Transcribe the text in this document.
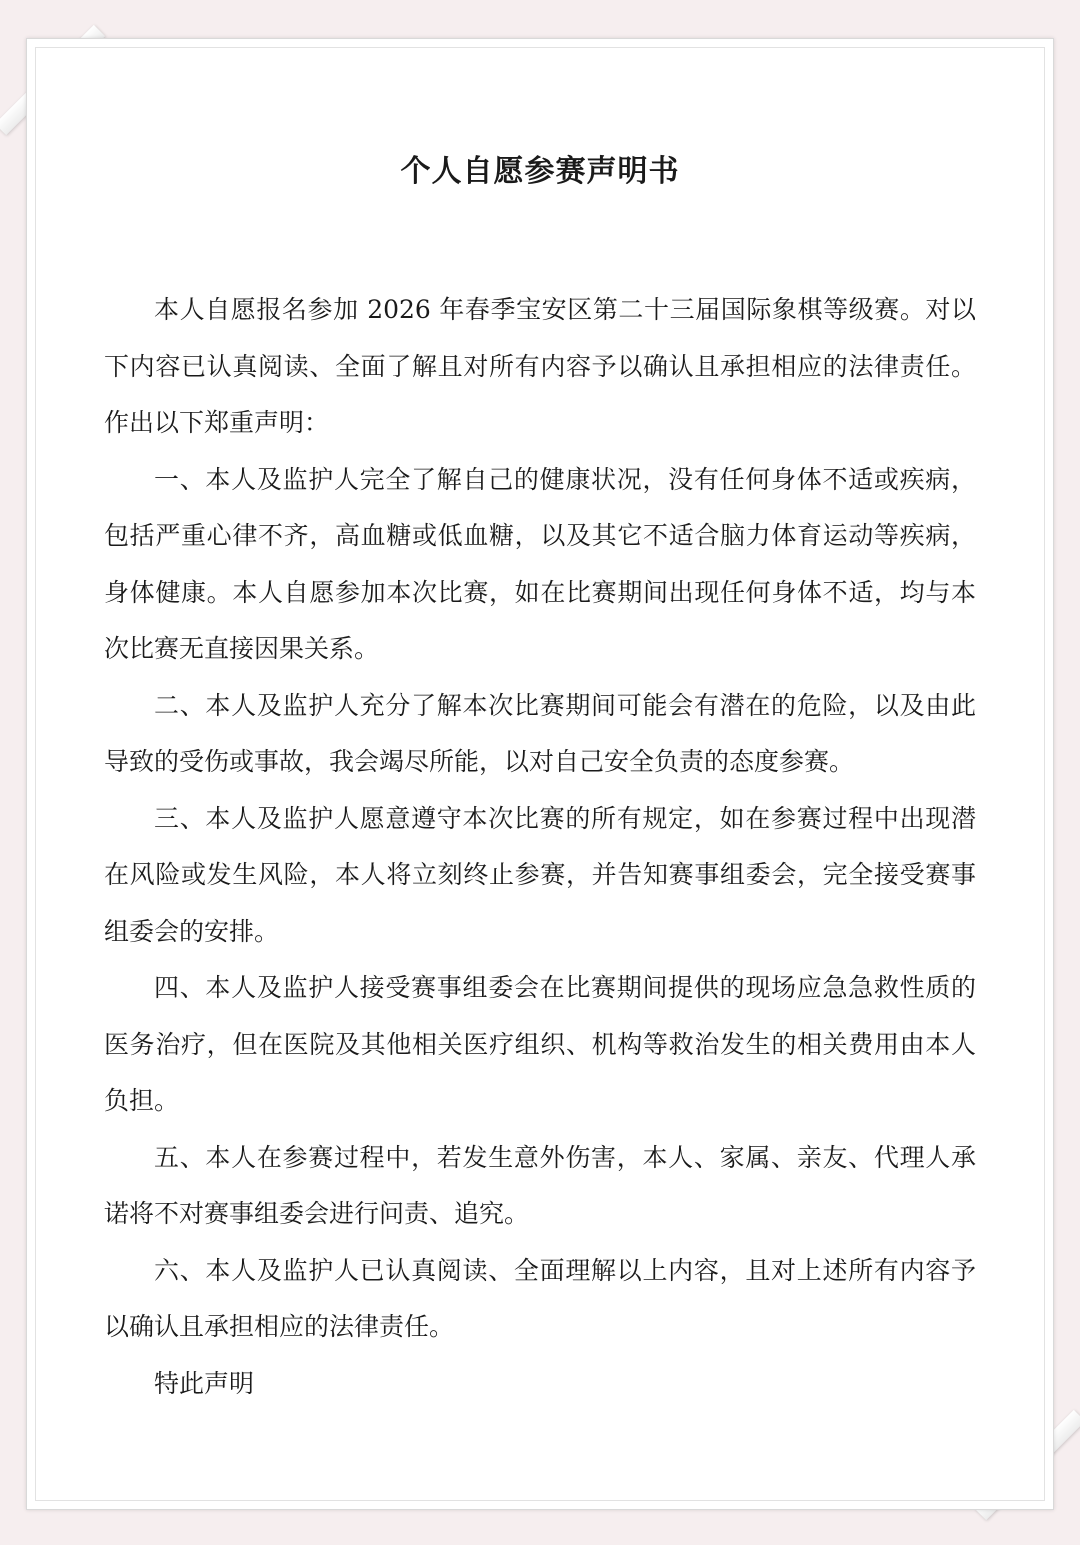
个人自愿参赛声明书

本人自愿报名参加 2026 年春季宝安区第二十三届国际象棋等级赛。对以下内容已认真阅读、全面了解且对所有内容予以确认且承担相应的法律责任。作出以下郑重声明：

一、本人及监护人完全了解自己的健康状况，没有任何身体不适或疾病，包括严重心律不齐，高血糖或低血糖，以及其它不适合脑力体育运动等疾病，身体健康。本人自愿参加本次比赛，如在比赛期间出现任何身体不适，均与本次比赛无直接因果关系。

二、本人及监护人充分了解本次比赛期间可能会有潜在的危险，以及由此导致的受伤或事故，我会竭尽所能，以对自己安全负责的态度参赛。

三、本人及监护人愿意遵守本次比赛的所有规定，如在参赛过程中出现潜在风险或发生风险，本人将立刻终止参赛，并告知赛事组委会，完全接受赛事组委会的安排。

四、本人及监护人接受赛事组委会在比赛期间提供的现场应急急救性质的医务治疗，但在医院及其他相关医疗组织、机构等救治发生的相关费用由本人负担。

五、本人在参赛过程中，若发生意外伤害，本人、家属、亲友、代理人承诺将不对赛事组委会进行问责、追究。

六、本人及监护人已认真阅读、全面理解以上内容，且对上述所有内容予以确认且承担相应的法律责任。

特此声明
